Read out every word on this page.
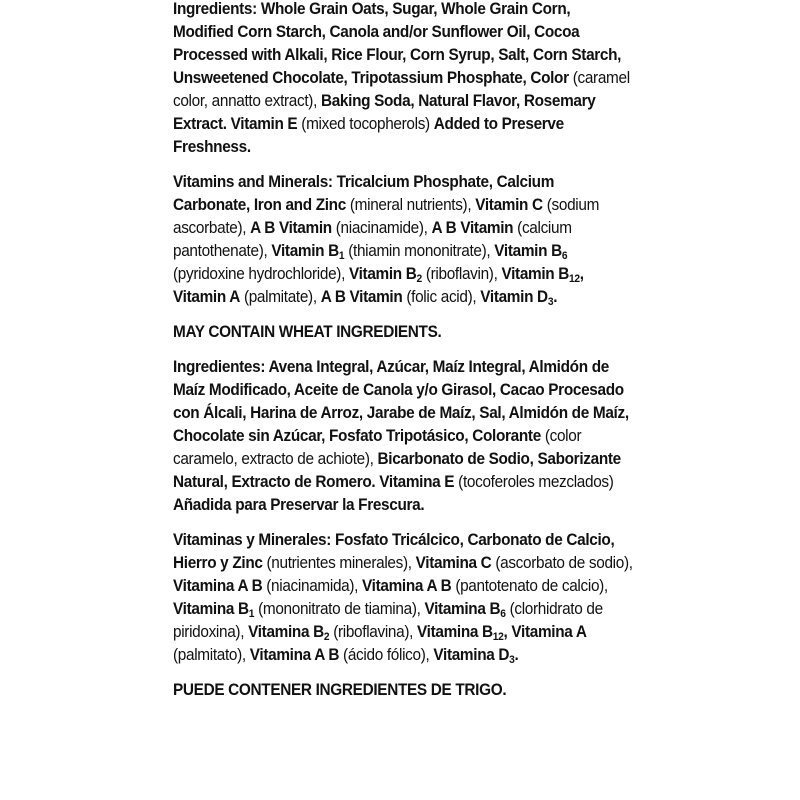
Ingredients: Whole Grain Oats, Sugar, Whole Grain Corn, Modified Corn Starch, Canola and/or Sunflower Oil, Cocoa Processed with Alkali, Rice Flour, Corn Syrup, Salt, Corn Starch, Unsweetened Chocolate, Tripotassium Phosphate, Color (caramel color, annatto extract), Baking Soda, Natural Flavor, Rosemary Extract. Vitamin E (mixed tocopherols) Added to Preserve Freshness.

Vitamins and Minerals: Tricalcium Phosphate, Calcium Carbonate, Iron and Zinc (mineral nutrients), Vitamin C (sodium ascorbate), A B Vitamin (niacinamide), A B Vitamin (calcium pantothenate), Vitamin $B_1$ (thiamin mononitrate), Vitamin $B_6$ (pyridoxine hydrochloride), Vitamin $B_2$ (riboflavin), Vitamin $B_{12}$, Vitamin A (palmitate), A B Vitamin (folic acid), Vitamin $D_3$.

MAY CONTAIN WHEAT INGREDIENTS.

Ingredientes: Avena Integral, Azúcar, Maíz Integral, Almidón de Maíz Modificado, Aceite de Canola y/o Girasol, Cacao Procesado con Álcali, Harina de Arroz, Jarabe de Maíz, Sal, Almidón de Maíz, Chocolate sin Azúcar, Fosfato Tripotásico, Colorante (color caramelo, extracto de achiote), Bicarbonato de Sodio, Saborizante Natural, Extracto de Romero. Vitamina E (tocoferoles mezclados) Añadida para Preservar la Frescura.

Vitaminas y Minerales: Fosfato Tricálcico, Carbonato de Calcio, Hierro y Zinc (nutrientes minerales), Vitamina C (ascorbato de sodio), Vitamina A B (niacinamida), Vitamina A B (pantotenato de calcio), Vitamina $B_1$ (mononitrato de tiamina), Vitamina $B_6$ (clorhidrato de piridoxina), Vitamina $B_2$ (riboflavina), Vitamina $B_{12}$, Vitamina A (palmitato), Vitamina A B (ácido fólico), Vitamina $D_3$.

PUEDE CONTENER INGREDIENTES DE TRIGO.
